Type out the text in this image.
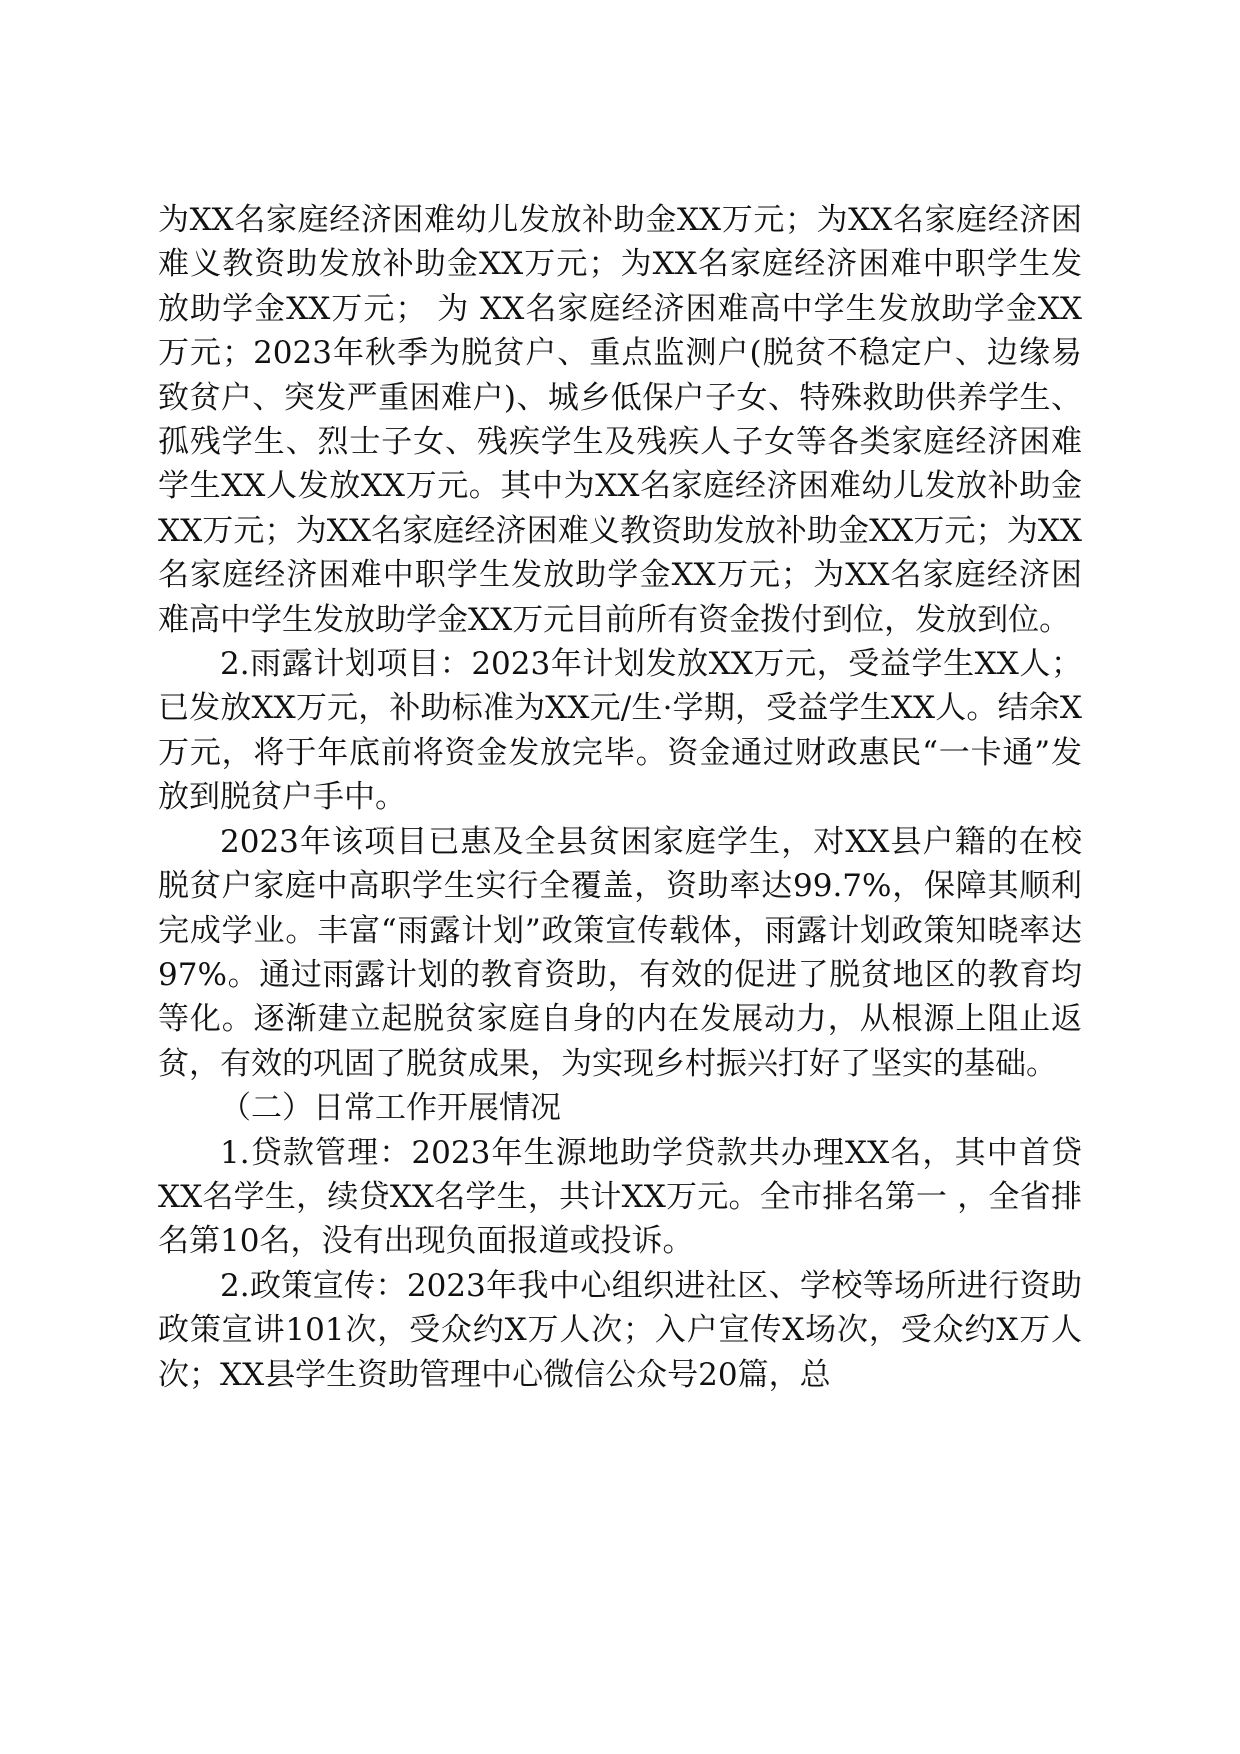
为XX名家庭经济困难幼儿发放补助金XX万元；为XX名家庭经济困难义教资助发放补助金XX万元；为XX名家庭经济困难中职学生发放助学金XX万元； 为 XX名家庭经济困难高中学生发放助学金XX万元；2023年秋季为脱贫户、重点监测户(脱贫不稳定户、边缘易致贫户、突发严重困难户)、城乡低保户子女、特殊救助供养学生、孤残学生、烈士子女、残疾学生及残疾人子女等各类家庭经济困难学生XX人发放XX万元。其中为XX名家庭经济困难幼儿发放补助金XX万元；为XX名家庭经济困难义教资助发放补助金XX万元；为XX名家庭经济困难中职学生发放助学金XX万元；为XX名家庭经济困难高中学生发放助学金XX万元目前所有资金拨付到位，发放到位。

2.雨露计划项目：2023年计划发放XX万元，受益学生XX人；已发放XX万元，补助标准为XX元/生·学期，受益学生XX人。结余X万元，将于年底前将资金发放完毕。资金通过财政惠民“一卡通”发放到脱贫户手中。

2023年该项目已惠及全县贫困家庭学生，对XX县户籍的在校脱贫户家庭中高职学生实行全覆盖，资助率达99.7%，保障其顺利完成学业。丰富“雨露计划”政策宣传载体，雨露计划政策知晓率达97%。通过雨露计划的教育资助，有效的促进了脱贫地区的教育均等化。逐渐建立起脱贫家庭自身的内在发展动力，从根源上阻止返贫，有效的巩固了脱贫成果，为实现乡村振兴打好了坚实的基础。

（二）日常工作开展情况

1.贷款管理：2023年生源地助学贷款共办理XX名，其中首贷XX名学生，续贷XX名学生，共计XX万元。全市排名第一 ，全省排名第10名，没有出现负面报道或投诉。

2.政策宣传：2023年我中心组织进社区、学校等场所进行资助政策宣讲101次，受众约X万人次；入户宣传X场次，受众约X万人次；XX县学生资助管理中心微信公众号20篇，总
